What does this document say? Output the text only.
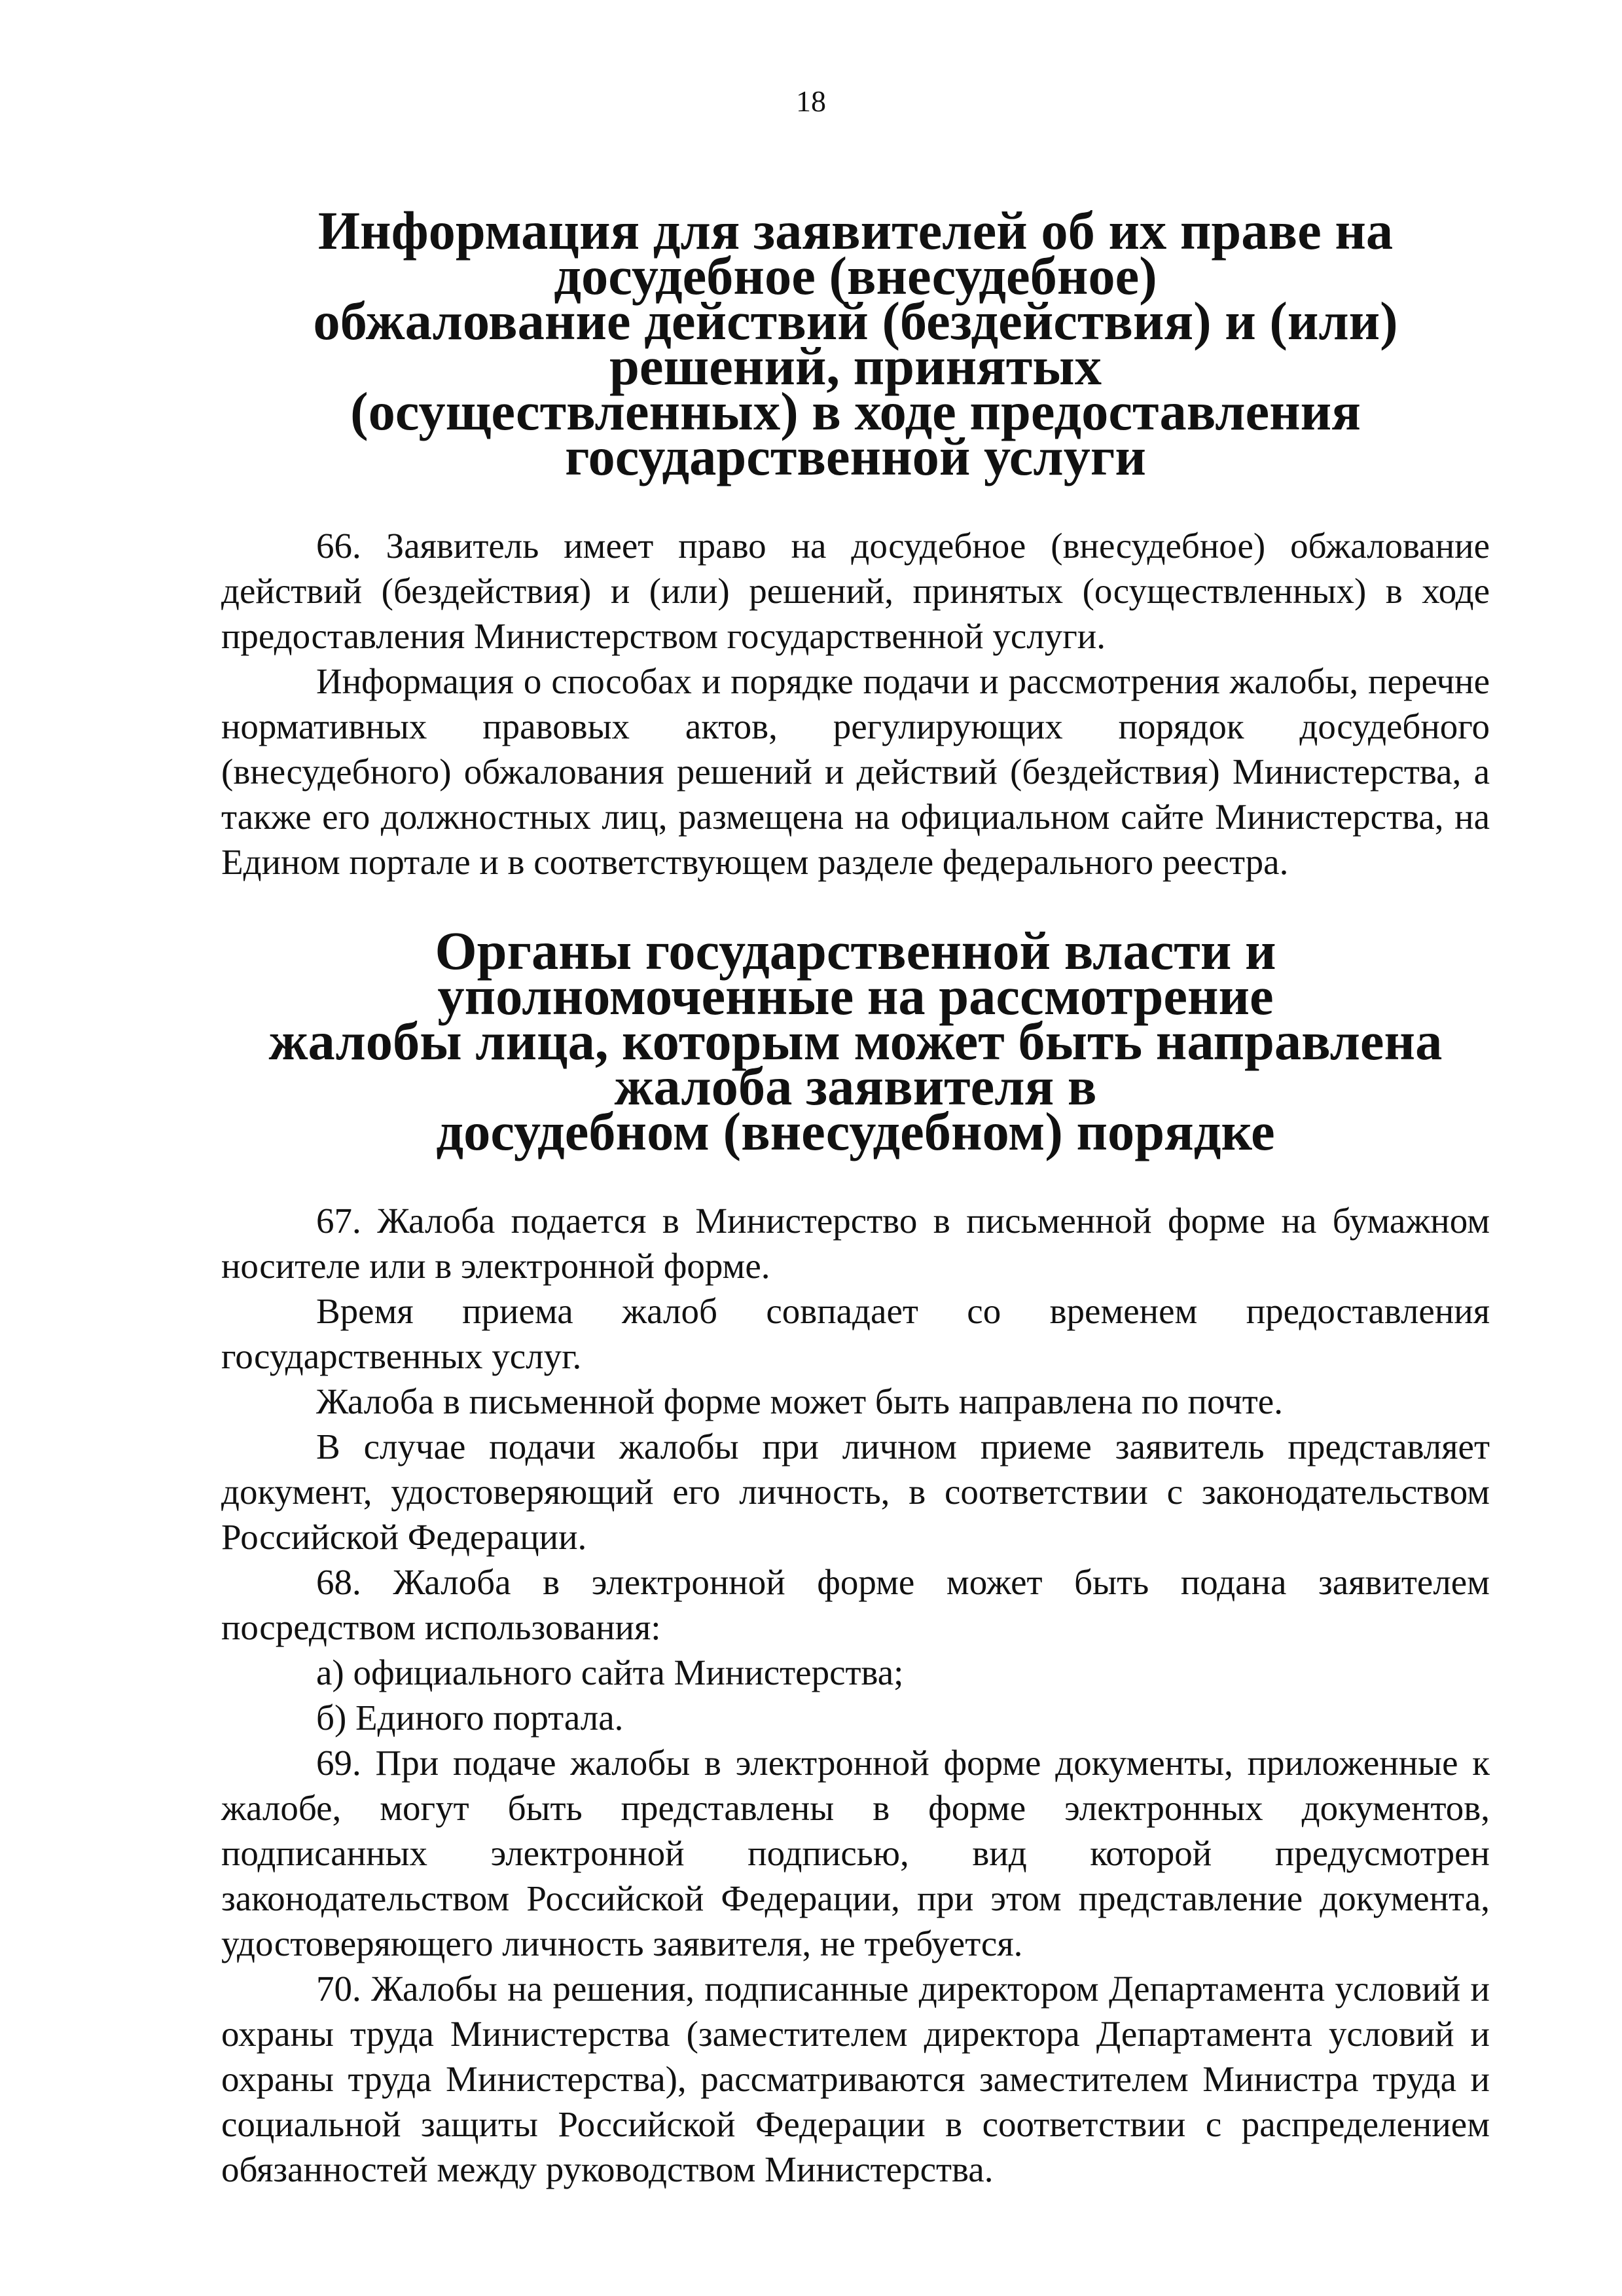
18
Информация для заявителей об их праве на досудебное (внесудебное)
обжалование действий (бездействия) и (или) решений, принятых
(осуществленных) в ходе предоставления государственной услуги

66. Заявитель имеет право на досудебное (внесудебное) обжалование действий (бездействия) и (или) решений, принятых (осуществленных) в ходе предоставления Министерством государственной услуги.

Информация о способах и порядке подачи и рассмотрения жалобы, перечне нормативных правовых актов, регулирующих порядок досудебного (внесудебного) обжалования решений и действий (бездействия) Министерства, а также его должностных лиц, размещена на официальном сайте Министерства, на Едином портале и в соответствующем разделе федерального реестра.

Органы государственной власти и уполномоченные на рассмотрение
жалобы лица, которым может быть направлена жалоба заявителя в
досудебном (внесудебном) порядке

67. Жалоба подается в Министерство в письменной форме на бумажном носителе или в электронной форме.

Время приема жалоб совпадает со временем предоставления государственных услуг.

Жалоба в письменной форме может быть направлена по почте.

В случае подачи жалобы при личном приеме заявитель представляет документ, удостоверяющий его личность, в соответствии с законодательством Российской Федерации.

68. Жалоба в электронной форме может быть подана заявителем посредством использования:

а) официального сайта Министерства;

б) Единого портала.

69. При подаче жалобы в электронной форме документы, приложенные к жалобе, могут быть представлены в форме электронных документов, подписанных электронной подписью, вид которой предусмотрен законодательством Российской Федерации, при этом представление документа, удостоверяющего личность заявителя, не требуется.

70. Жалобы на решения, подписанные директором Департамента условий и охраны труда Министерства (заместителем директора Департамента условий и охраны труда Министерства), рассматриваются заместителем Министра труда и социальной защиты Российской Федерации в соответствии с распределением обязанностей между руководством Министерства.
